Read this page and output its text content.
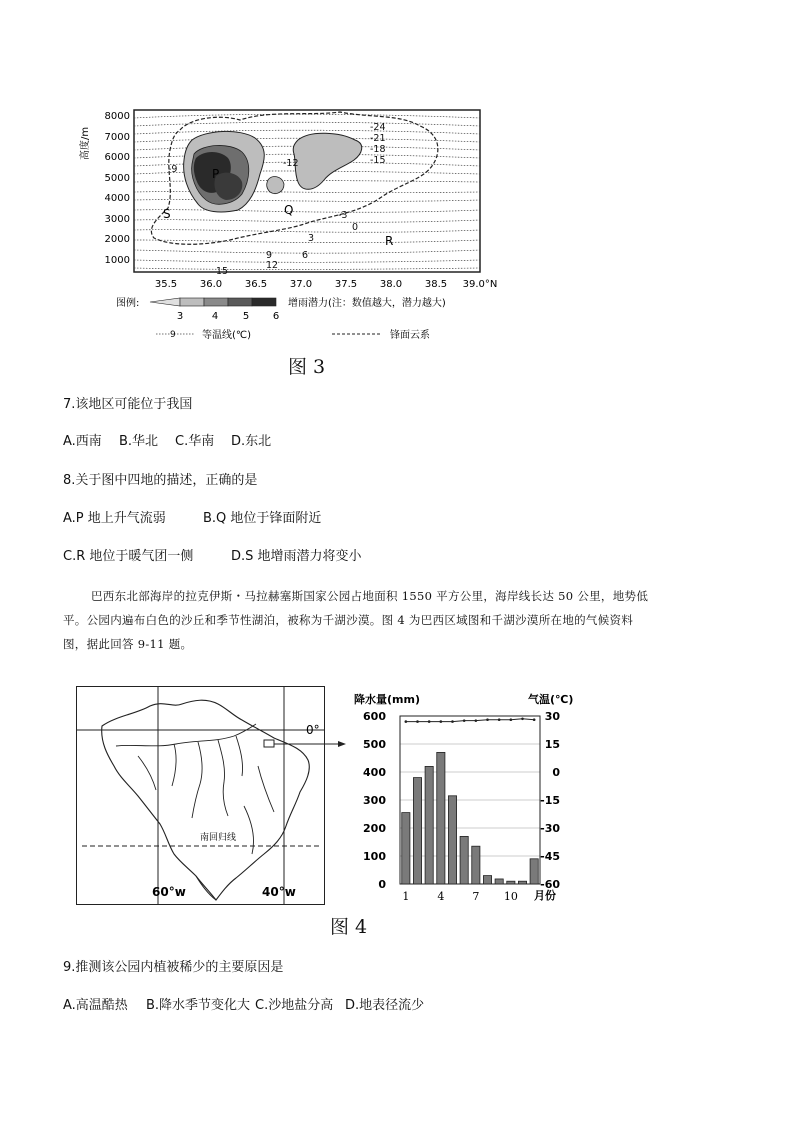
高度/m	-24
-21
-18
-15
-12
-9
-3
0
3
6
9
12
15
P
Q
R
S
8000
7000
6000
5000
4000
3000
2000
1000
35.5 36.0 36.5 37.0 37.5 38.0 38.5 39.0°N
图例:
3	4 5 6
增雨潜力(注：数值越大，潜力越大)
9	等温线(℃)	锋面云系
图 3
7.该地区可能位于我国
A.西南 B.华北 C.华南 D.东北
8.关于图中四地的描述，正确的是
A.P 地上升气流弱	B.Q 地位于锋面附近
C.R 地位于暖气团一侧	D.S 地增雨潜力将变小
巴西东北部海岸的拉克伊斯・马拉赫塞斯国家公园占地面积 1550 平方公里，海岸线长达 50 公里，地势低
平。公园内遍布白色的沙丘和季节性湖泊，被称为千湖沙漠。图 4 为巴西区域图和千湖沙漠所在地的气候资料
图，据此回答 9-11 题。
0°
南回归线
60°w	40°w
降水量(mm)	气温(℃)
月份
600
500
400
300
200
100
0
30
15
0
-15
-30
-45
-60
1	4	7 10
图 4
9.推测该公园内植被稀少的主要原因是
A.高温酷热 B.降水季节变化大 C.沙地盐分高 D.地表径流少
